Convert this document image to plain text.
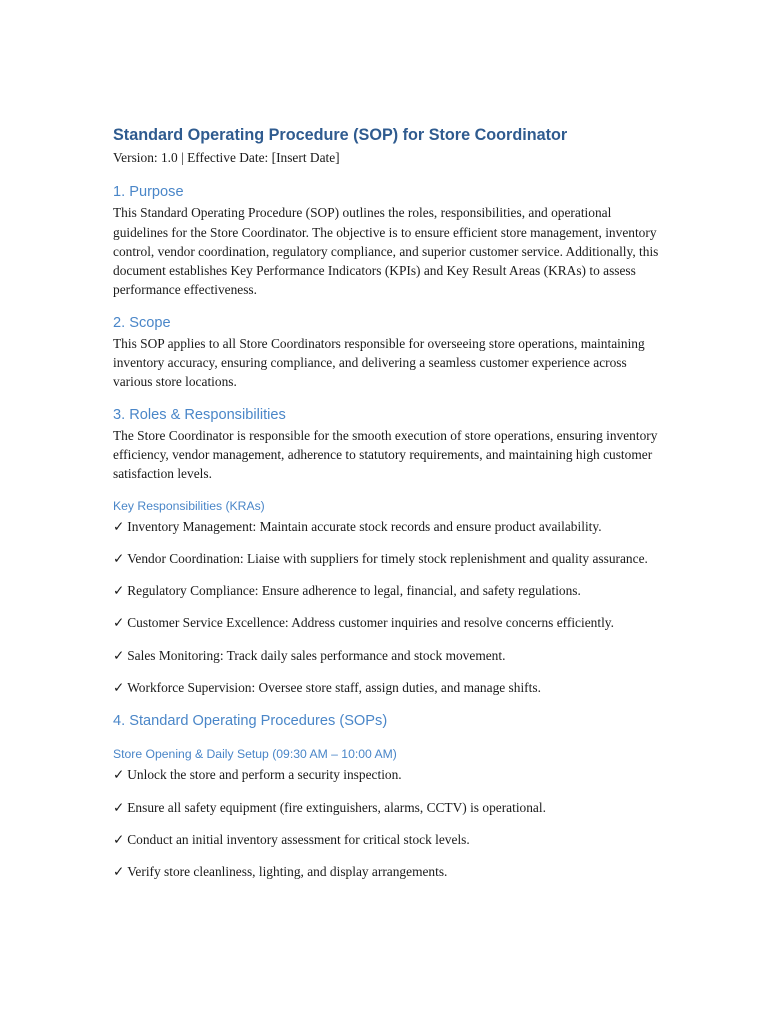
Standard Operating Procedure (SOP) for Store Coordinator

Version: 1.0 | Effective Date: [Insert Date]

1. Purpose

This Standard Operating Procedure (SOP) outlines the roles, responsibilities, and operational guidelines for the Store Coordinator. The objective is to ensure efficient store management, inventory control, vendor coordination, regulatory compliance, and superior customer service. Additionally, this document establishes Key Performance Indicators (KPIs) and Key Result Areas (KRAs) to assess performance effectiveness.

2. Scope

This SOP applies to all Store Coordinators responsible for overseeing store operations, maintaining inventory accuracy, ensuring compliance, and delivering a seamless customer experience across various store locations.

3. Roles & Responsibilities

The Store Coordinator is responsible for the smooth execution of store operations, ensuring inventory efficiency, vendor management, adherence to statutory requirements, and maintaining high customer satisfaction levels.

Key Responsibilities (KRAs)

✓ Inventory Management: Maintain accurate stock records and ensure product availability.

✓ Vendor Coordination: Liaise with suppliers for timely stock replenishment and quality assurance.

✓ Regulatory Compliance: Ensure adherence to legal, financial, and safety regulations.

✓ Customer Service Excellence: Address customer inquiries and resolve concerns efficiently.

✓ Sales Monitoring: Track daily sales performance and stock movement.

✓ Workforce Supervision: Oversee store staff, assign duties, and manage shifts.

4. Standard Operating Procedures (SOPs)
Store Opening & Daily Setup (09:30 AM – 10:00 AM)

✓ Unlock the store and perform a security inspection.

✓ Ensure all safety equipment (fire extinguishers, alarms, CCTV) is operational.

✓ Conduct an initial inventory assessment for critical stock levels.

✓ Verify store cleanliness, lighting, and display arrangements.
